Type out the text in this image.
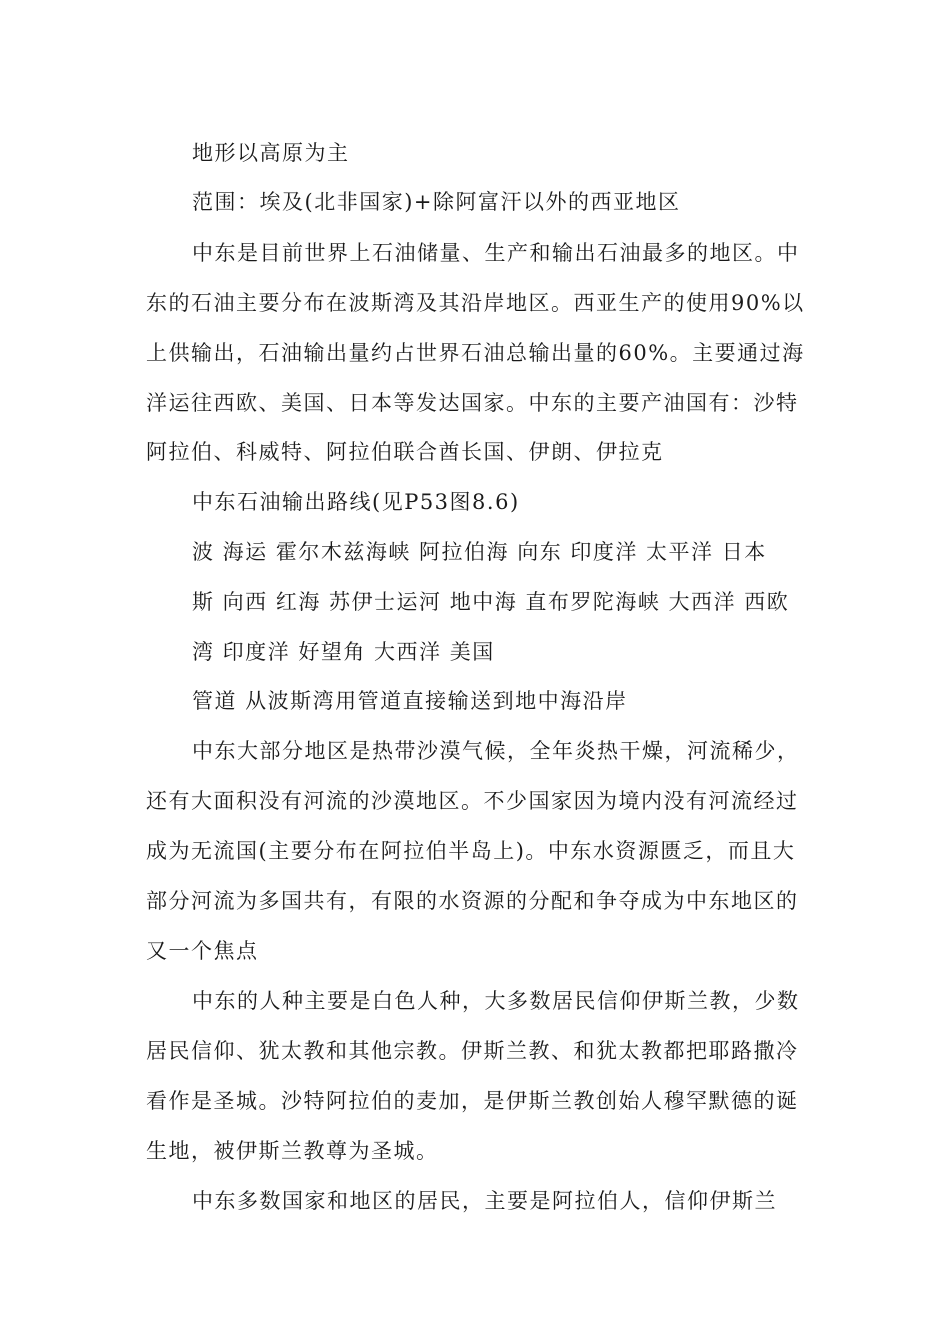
地形以高原为主
范围：埃及(北非国家)+除阿富汗以外的西亚地区
中东是目前世界上石油储量、生产和输出石油最多的地区。中
东的石油主要分布在波斯湾及其沿岸地区。西亚生产的使用90%以
上供输出，石油输出量约占世界石油总输出量的60%。主要通过海
洋运往西欧、美国、日本等发达国家。中东的主要产油国有：沙特
阿拉伯、科威特、阿拉伯联合酋长国、伊朗、伊拉克
中东石油输出路线(见P53图8.6)
波 海运 霍尔木兹海峡 阿拉伯海 向东 印度洋 太平洋 日本
斯 向西 红海 苏伊士运河 地中海 直布罗陀海峡 大西洋 西欧
湾 印度洋 好望角 大西洋 美国
管道 从波斯湾用管道直接输送到地中海沿岸
中东大部分地区是热带沙漠气候，全年炎热干燥，河流稀少，
还有大面积没有河流的沙漠地区。不少国家因为境内没有河流经过
成为无流国(主要分布在阿拉伯半岛上)。中东水资源匮乏，而且大
部分河流为多国共有，有限的水资源的分配和争夺成为中东地区的
又一个焦点
中东的人种主要是白色人种，大多数居民信仰伊斯兰教，少数
居民信仰、犹太教和其他宗教。伊斯兰教、和犹太教都把耶路撒冷
看作是圣城。沙特阿拉伯的麦加，是伊斯兰教创始人穆罕默德的诞
生地，被伊斯兰教尊为圣城。
中东多数国家和地区的居民，主要是阿拉伯人，信仰伊斯兰
